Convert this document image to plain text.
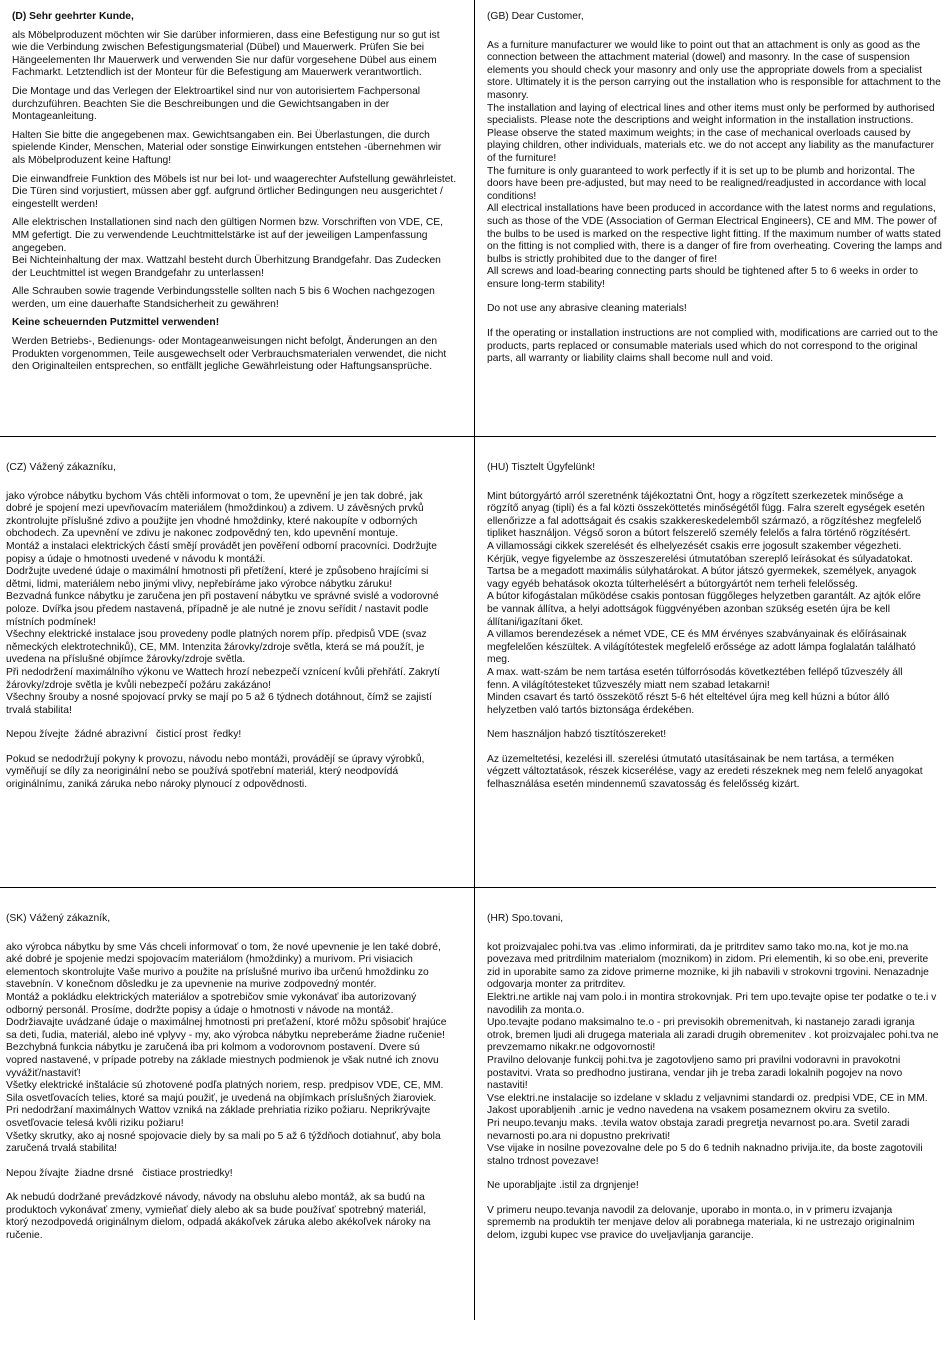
(D) Sehr geehrter Kunde,

als Möbelproduzent möchten wir Sie darüber informieren, dass eine Befestigung nur so gut ist wie die Verbindung zwischen Befestigungsmaterial (Dübel) und Mauerwerk. Prüfen Sie bei Hängeelementen Ihr Mauerwerk und verwenden Sie nur dafür vorgesehene Dübel aus einem Fachmarkt. Letztendlich ist der Monteur für die Befestigung am Mauerwerk verantwortlich.

Die Montage und das Verlegen der Elektroartikel sind nur von autorisiertem Fachpersonal durchzuführen. Beachten Sie die Beschreibungen und die Gewichtsangaben in der Montageanleitung.

Halten Sie bitte die angegebenen max. Gewichtsangaben ein. Bei Überlastungen, die durch spielende Kinder, Menschen, Material oder sonstige Einwirkungen entstehen -übernehmen wir als Möbelproduzent keine Haftung!

Die einwandfreie Funktion des Möbels ist nur bei lot- und waagerechter Aufstellung gewährleistet. Die Türen sind vorjustiert, müssen aber ggf. aufgrund örtlicher Bedingungen neu ausgerichtet / eingestellt werden!

Alle elektrischen Installationen sind nach den gültigen Normen bzw. Vorschriften von VDE, CE, MM gefertigt. Die zu verwendende Leuchtmittelstärke ist auf der jeweiligen Lampenfassung angegeben.
Bei Nichteinhaltung der max. Wattzahl besteht durch Überhitzung Brandgefahr. Das Zudecken der Leuchtmittel ist wegen Brandgefahr zu unterlassen!

Alle Schrauben sowie tragende Verbindungsstelle sollten nach 5 bis 6 Wochen nachgezogen werden, um eine dauerhafte Standsicherheit zu gewähren!

Keine scheuernden Putzmittel verwenden!

Werden Betriebs-, Bedienungs- oder Montageanweisungen nicht befolgt, Änderungen an den Produkten vorgenommen, Teile ausgewechselt oder Verbrauchsmaterialen verwendet, die nicht den Originalteilen entsprechen, so entfällt jegliche Gewährleistung oder Haftungsansprüche.

(GB) Dear Customer,

As a furniture manufacturer we would like to point out that an attachment is only as good as the connection between the attachment material (dowel) and masonry. In the case of suspension elements you should check your masonry and only use the appropriate dowels from a specialist store. Ultimately it is the person carrying out the installation who is responsible for attachment to the masonry.
The installation and laying of electrical lines and other items must only be performed by authorised specialists. Please note the descriptions and weight information in the installation instructions.
Please observe the stated maximum weights; in the case of mechanical overloads caused by playing children, other individuals, materials etc. we do not accept any liability as the manufacturer of the furniture!
The furniture is only guaranteed to work perfectly if it is set up to be plumb and horizontal. The doors have been pre-adjusted, but may need to be realigned/readjusted in accordance with local conditions!
All electrical installations have been produced in accordance with the latest norms and regulations, such as those of the VDE (Association of German Electrical Engineers), CE and MM. The power of the bulbs to be used is marked on the respective light fitting. If the maximum number of watts stated on the fitting is not complied with, there is a danger of fire from overheating. Covering the lamps and bulbs is strictly prohibited due to the danger of fire!
All screws and load-bearing connecting parts should be tightened after 5 to 6 weeks in order to ensure long-term stability!

Do not use any abrasive cleaning materials!

If the operating or installation instructions are not complied with, modifications are carried out to the products, parts replaced or consumable materials used which do not correspond to the original parts, all warranty or liability claims shall become null and void.

(CZ) Vážený zákazníku,

jako výrobce nábytku bychom Vás chtěli informovat o tom, že upevnění je jen tak dobré, jak dobré je spojení mezi upevňovacím materiálem (hmoždinkou) a zdivem. U závěsných prvků zkontrolujte příslušné zdivo a použijte jen vhodné hmoždinky, které nakoupíte v odborných obchodech. Za upevnění ve zdivu je nakonec zodpovědný ten, kdo upevnění montuje.
Montáž a instalaci elektrických částí smějí provádět jen pověření odborní pracovníci. Dodržujte popisy a údaje o hmotnosti uvedené v návodu k montáži.
Dodržujte uvedené údaje o maximální hmotnosti při přetížení, které je způsobeno hrajícími si dětmi, lidmi, materiálem nebo jinými vlivy, nepřebíráme jako výrobce nábytku záruku!
Bezvadná funkce nábytku je zaručena jen při postavení nábytku ve správné svislé a vodorovné poloze. Dvířka jsou předem nastavená, případně je ale nutné je znovu seřídit / nastavit podle místních podmínek!
Všechny elektrické instalace jsou provedeny podle platných norem příp. předpisů VDE (svaz německých elektrotechniků), CE, MM. Intenzita žárovky/zdroje světla, která se má použít, je uvedena na příslušné objímce žárovky/zdroje světla.
Při nedodržení maximálního výkonu ve Wattech hrozí nebezpečí vznícení kvůli přehřátí. Zakrytí žárovky/zdroje světla je kvůli nebezpečí požáru zakázáno!
Všechny šrouby a nosné spojovací prvky se mají po 5 až 6 týdnech dotáhnout, čímž se zajistí trvalá stabilita!

Nepou žívejte  žádné abrazivní   čisticí prost  ředky!

Pokud se nedodržují pokyny k provozu, návodu nebo montáži, provádějí se úpravy výrobků, vyměňují se díly za neoriginální nebo se používá spotřební materiál, který neodpovídá originálnímu, zaniká záruka nebo nároky plynoucí z odpovědnosti.

(HU) Tisztelt Ügyfelünk!

Mint bútorgyártó arról szeretnénk tájékoztatni Önt, hogy a rögzített szerkezetek minősége a rögzítő anyag (tipli) és a fal közti összeköttetés minőségétől függ. Falra szerelt egységek esetén ellenőrizze a fal adottságait és csakis szakkereskedelemből származó, a rögzítéshez megfelelő tipliket használjon. Végső soron a bútort felszerelő személy felelős a falra történő rögzítésért.
A villamossági cikkek szerelését és elhelyezését csakis erre jogosult szakember végezheti. Kérjük, vegye figyelembe az összeszerelési útmutatóban szereplő leírásokat és súlyadatokat.
Tartsa be a megadott maximális súlyhatárokat. A bútor játszó gyermekek, személyek, anyagok vagy egyéb behatások okozta túlterhelésért a bútorgyártót nem terheli felelősség.
A bútor kifogástalan működése csakis pontosan függőleges helyzetben garantált. Az ajtók előre be vannak állítva, a helyi adottságok függvényében azonban szükség esetén újra be kell állítani/igazítani őket.
A villamos berendezések a német VDE, CE és MM érvényes szabványainak és előírásainak megfelelően készültek. A világítótestek megfelelő erőssége az adott lámpa foglalatán található meg.
A max. watt-szám be nem tartása esetén túlforrósodás következtében fellépő tűzveszély áll fenn. A világítótesteket tűzveszély miatt nem szabad letakarni!
Minden csavart és tartó összekötő részt 5-6 hét elteltével újra meg kell húzni a bútor álló helyzetben való tartós biztonsága érdekében.

Nem használjon habzó tisztítószereket!

Az üzemeltetési, kezelési ill. szerelési útmutató utasításainak be nem tartása, a terméken végzett változtatások, részek kicserélése, vagy az eredeti részeknek meg nem felelő anyagokat felhasználása esetén mindennemű szavatosság és felelősség kizárt.

(SK) Vážený zákazník,

ako výrobca nábytku by sme Vás chceli informovať o tom, že nové upevnenie je len také dobré, aké dobré je spojenie medzi spojovacím materiálom (hmoždinky) a murivom. Pri visiacich elementoch skontrolujte Vaše murivo a použite na príslušné murivo iba určenú hmoždinku zo stavebnín. V konečnom dôsledku je za upevnenie na murive zodpovedný montér.
Montáž a pokládku elektrických materiálov a spotrebičov smie vykonávať iba autorizovaný odborný personál. Prosíme, dodržte popisy a údaje o hmotnosti v návode na montáž.
Dodržiavajte uvádzané údaje o maximálnej hmotnosti pri preťažení, ktoré môžu spôsobiť hrajúce sa deti, ľudia, materiál, alebo iné vplyvy - my, ako výrobca nábytku nepreberáme žiadne ručenie!
Bezchybná funkcia nábytku je zaručená iba pri kolmom a vodorovnom postavení. Dvere sú vopred nastavené, v prípade potreby na základe miestnych podmienok je však nutné ich znovu vyvážiť/nastaviť!
Všetky elektrické inštalácie sú zhotovené podľa platných noriem, resp. predpisov VDE, CE, MM. Sila osvetľovacích telies, ktoré sa majú použiť, je uvedená na objímkach príslušných žiaroviek.
Pri nedodržaní maximálnych Wattov vzniká na základe prehriatia riziko požiaru. Neprikrývajte osvetľovacie telesá kvôli riziku požiaru!
Všetky skrutky, ako aj nosné spojovacie diely by sa mali po 5 až 6 týždňoch dotiahnuť, aby bola zaručená trvalá stabilita!

Nepou žívajte  žiadne drsné   čistiace prostriedky!

Ak nebudú dodržané prevádzkové návody, návody na obsluhu alebo montáž, ak sa budú na produktoch vykonávať zmeny, vymieňať diely alebo ak sa bude používať spotrebný materiál, ktorý nezodpovedá originálnym dielom, odpadá akákoľvek záruka alebo akékoľvek nároky na ručenie.

(HR) Spo.tovani,

kot proizvajalec pohi.tva vas .elimo informirati, da je pritrditev samo tako mo.na, kot je mo.na povezava med pritrdilnim materialom (moznikom) in zidom. Pri elementih, ki so obe.eni, preverite zid in uporabite samo za zidove primerne moznike, ki jih nabavili v strokovni trgovini. Nenazadnje odgovarja monter za pritrditev.
Elektri.ne artikle naj vam polo.i in montira strokovnjak. Pri tem upo.tevajte opise ter podatke o te.i v navodilih za monta.o.
Upo.tevajte podano maksimalno te.o - pri previsokih obremenitvah, ki nastanejo zaradi igranja otrok, bremen ljudi ali drugega materiala ali zaradi drugih obremenitev . kot proizvajalec pohi.tva ne prevzemamo nikakr.ne odgovornosti!
Pravilno delovanje funkcij pohi.tva je zagotovljeno samo pri pravilni vodoravni in pravokotni postavitvi. Vrata so predhodno justirana, vendar jih je treba zaradi lokalnih pogojev na novo nastaviti!
Vse elektri.ne instalacije so izdelane v skladu z veljavnimi standardi oz. predpisi VDE, CE in MM. Jakost uporabljenih .arnic je vedno navedena na vsakem posameznem okviru za svetilo.
Pri neupo.tevanju maks. .tevila watov obstaja zaradi pregretja nevarnost po.ara. Svetil zaradi nevarnosti po.ara ni dopustno prekrivati!
Vse vijake in nosilne povezovalne dele po 5 do 6 tednih naknadno privija.ite, da boste zagotovili stalno trdnost povezave!

Ne uporabljajte .istil za drgnjenje!

V primeru neupo.tevanja navodil za delovanje, uporabo in monta.o, in v primeru izvajanja sprememb na produktih ter menjave delov ali porabnega materiala, ki ne ustrezajo originalnim delom, izgubi kupec vse pravice do uveljavljanja garancije.
